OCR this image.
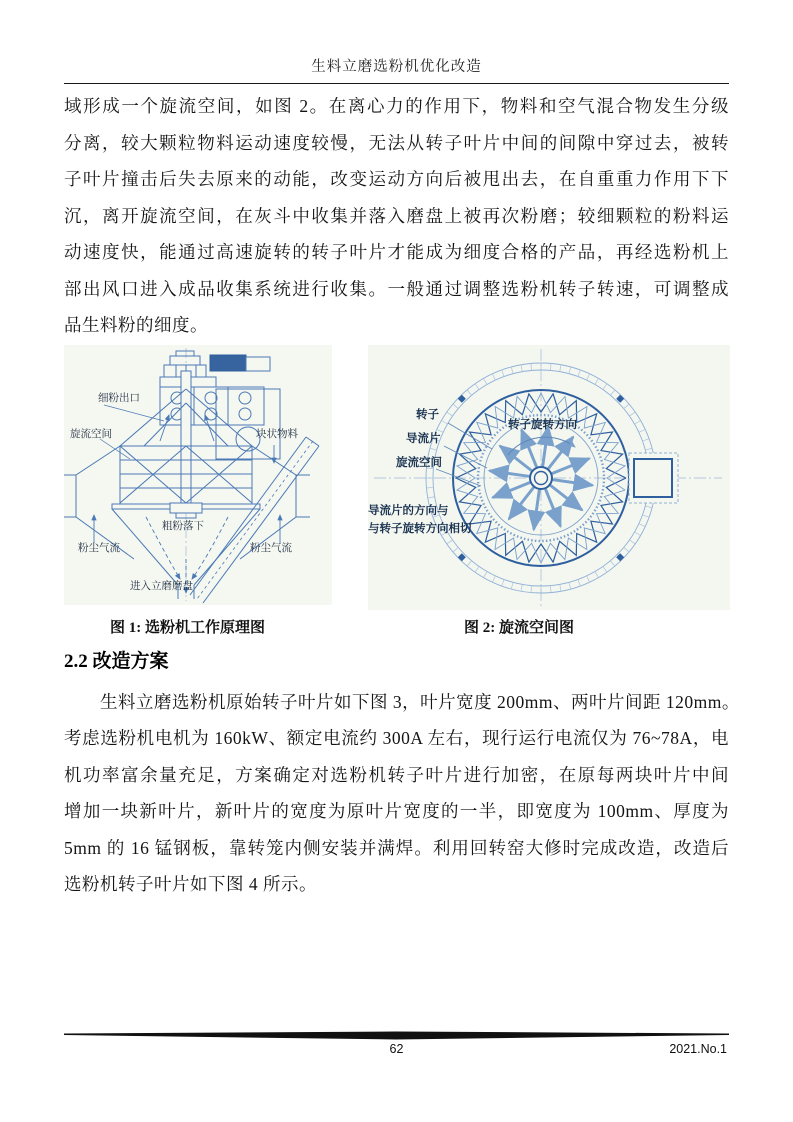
生料立磨选粉机优化改造
域形成一个旋流空间，如图 2。在离心力的作用下，物料和空气混合物发生分级
分离，较大颗粒物料运动速度较慢，无法从转子叶片中间的间隙中穿过去，被转
子叶片撞击后失去原来的动能，改变运动方向后被甩出去，在自重重力作用下下
沉，离开旋流空间，在灰斗中收集并落入磨盘上被再次粉磨；较细颗粒的粉料运
动速度快，能通过高速旋转的转子叶片才能成为细度合格的产品，再经选粉机上
部出风口进入成品收集系统进行收集。一般通过调整选粉机转子转速，可调整成
品生料粉的细度。
细粉出口
旋流空间	块状物料
粗粉落下
粉尘气流	粉尘气流
进入立磨磨盘
转子
导流片
旋流空间
转子旋转方向
导流片的方向与
与转子旋转方向相切
图 1: 选粉机工作原理图	图 2: 旋流空间图
2.2 改造方案
生料立磨选粉机原始转子叶片如下图 3，叶片宽度 200mm、两叶片间距 120mm。
考虑选粉机电机为 160kW、额定电流约 300A 左右，现行运行电流仅为 76~78A，电
机功率富余量充足，方案确定对选粉机转子叶片进行加密，在原每两块叶片中间
增加一块新叶片，新叶片的宽度为原叶片宽度的一半，即宽度为 100mm、厚度为
5mm 的 16 锰钢板，靠转笼内侧安装并满焊。利用回转窑大修时完成改造，改造后
选粉机转子叶片如下图 4 所示。
62	2021.No.1
